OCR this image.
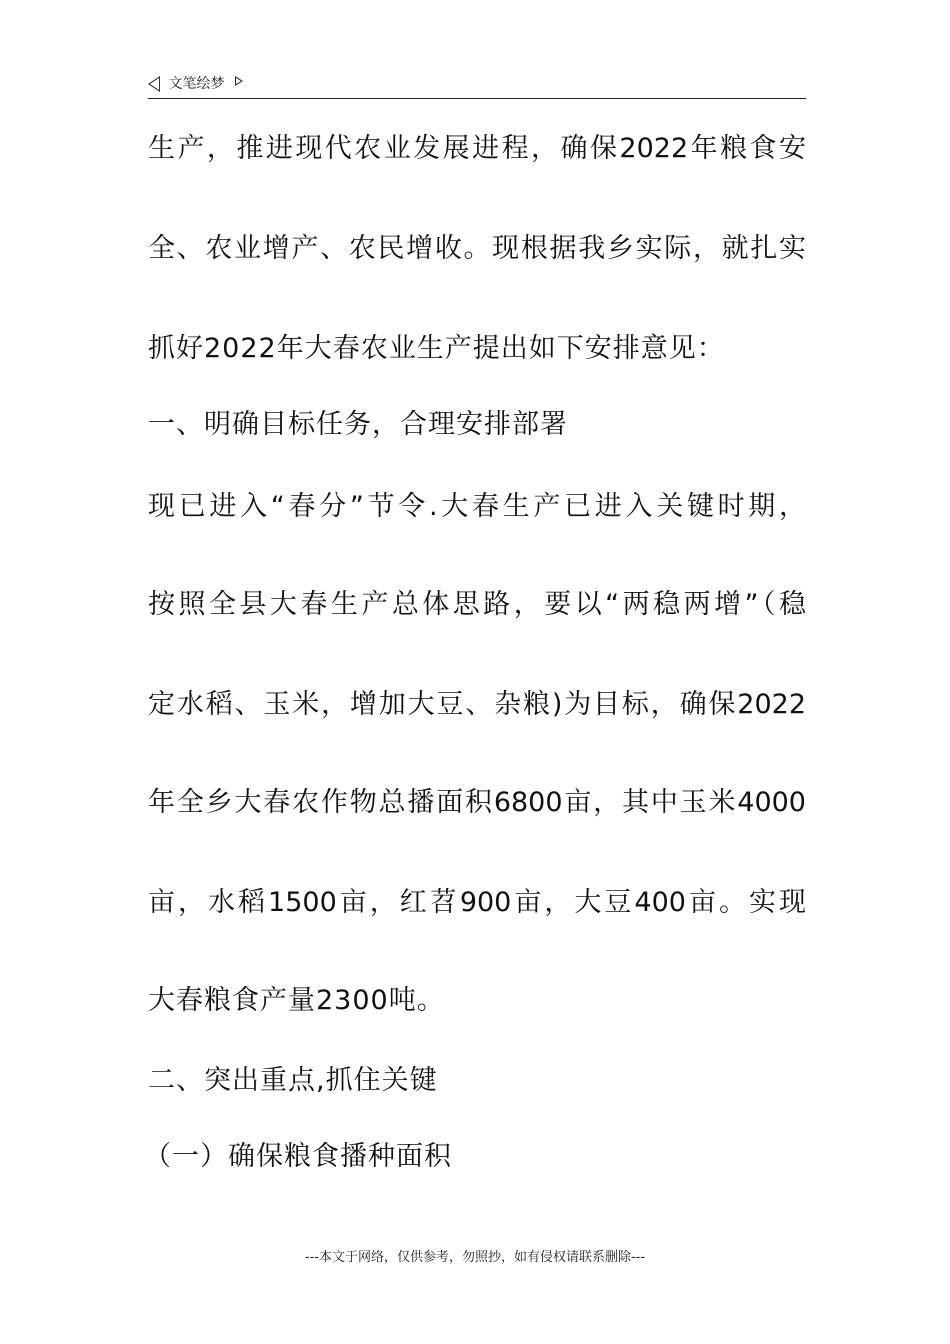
文笔绘梦
生产，推进现代农业发展进程，确保2022年粮食安
全、农业增产、农民增收。现根据我乡实际，就扎实
抓好2022年大春农业生产提出如下安排意见：
一、明确目标任务，合理安排部署
现已进入“春分”节令.大春生产已进入关键时期，
按照全县大春生产总体思路，要以“两稳两增”（稳
定水稻、玉米，增加大豆、杂粮)为目标，确保2022
年全乡大春农作物总播面积6800亩，其中玉米4000
亩，水稻1500亩，红苕900亩，大豆400亩。实现
大春粮食产量2300吨。
二、突出重点,抓住关键
（一）确保粮食播种面积
---本文于网络，仅供参考，勿照抄，如有侵权请联系删除---
